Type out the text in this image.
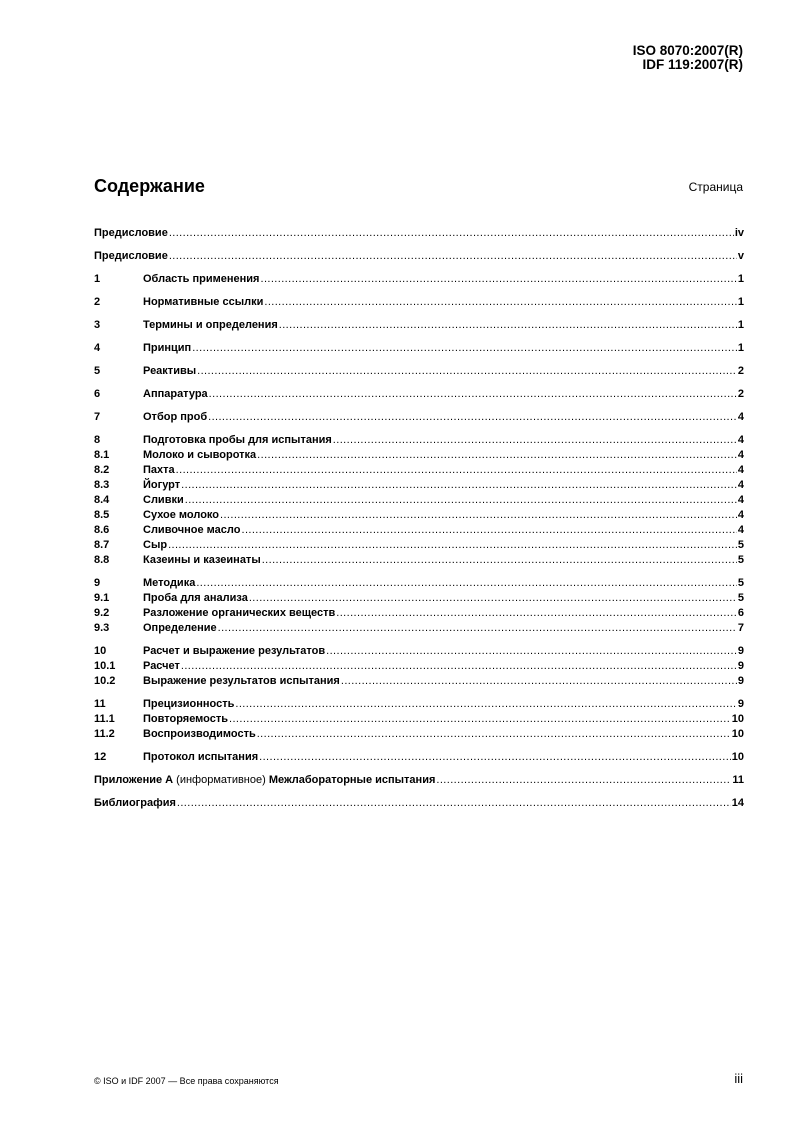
ISO 8070:2007(R)
IDF 119:2007(R)
Содержание	Страница
Предисловие .....	iv
Предисловие .....	v
1	Область применения .....	1
2	Нормативные ссылки .....	1
3	Термины и определения .....	1
4	Принцип .....	1
5	Реактивы .....	2
6	Аппаратура .....	2
7	Отбор проб .....	4
8	Подготовка пробы для испытания .....	4
8.1	Молоко и сыворотка .....	4
8.2	Пахта .....	4
8.3	Йогурт .....	4
8.4	Сливки .....	4
8.5	Сухое молоко .....	4
8.6	Сливочное масло .....	4
8.7	Сыр .....	5
8.8	Казеины и казеинаты .....	5
9	Методика .....	5
9.1	Проба для анализа .....	5
9.2	Разложение органических веществ .....	6
9.3	Определение .....	7
10	Расчет и выражение результатов .....	9
10.1	Расчет .....	9
10.2	Выражение результатов испытания .....	9
11	Прецизионность .....	9
11.1	Повторяемость .....	10
11.2	Воспроизводимость .....	10
12	Протокол испытания .....	10
Приложение А (информативное) Межлабораторные испытания .....	11
Библиография .....	14
© ISO и IDF 2007 — Все права сохраняются	iii
